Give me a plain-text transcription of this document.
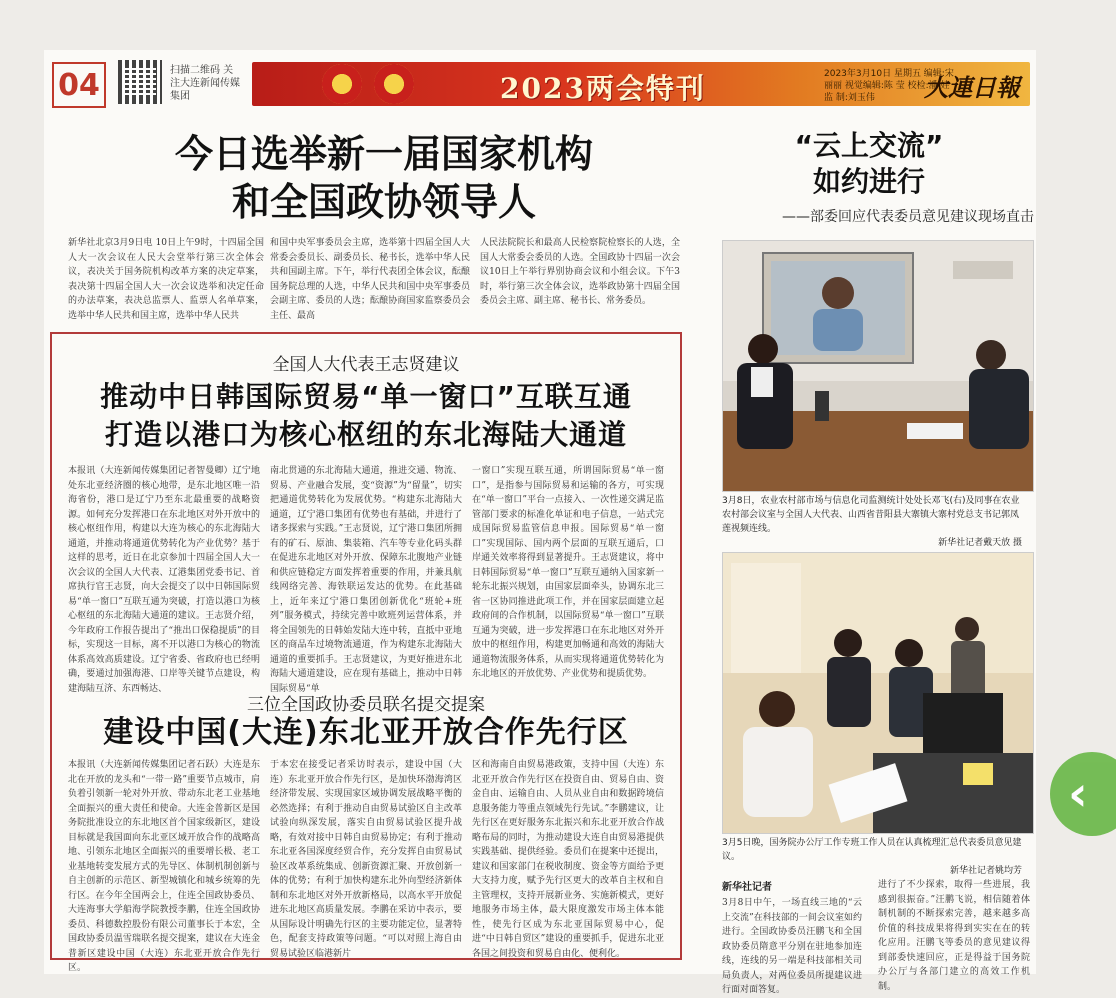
04	扫描二维码 关注大连新闻传媒集团	2023两会特刊	2023年3月10日 星期五 编辑:宋丽丽 视觉编辑:陈 莹 校检:潘 娃 监 制:刘玉伟	大連日報
今日选举新一届国家机构
和全国政协领导人
新华社北京3月9日电 10日上午9时，十四届全国人大一次会议在人民大会堂举行第三次全体会议，表决关于国务院机构改革方案的决定草案，表决第十四届全国人大一次会议选举和决定任命的办法草案，表决总监票人、监票人名单草案，选举中华人民共和国主席，选举中华人民共
和国中央军事委员会主席，选举第十四届全国人大常委会委员长、副委员长、秘书长，选举中华人民共和国副主席。下午，举行代表团全体会议，酝酿国务院总理的人选，中华人民共和国中央军事委员会副主席、委员的人选；酝酿协商国家监察委员会主任、最高
人民法院院长和最高人民检察院检察长的人选，全国人大常委会委员的人选。全国政协十四届一次会议10日上午举行界别协商会议和小组会议。下午3时，举行第三次全体会议，选举政协第十四届全国委员会主席、副主席、秘书长、常务委员。
全国人大代表王志贤建议
推动中日韩国际贸易“单一窗口”互联互通
打造以港口为核心枢纽的东北海陆大通道
本报讯（大连新闻传媒集团记者智曼卿）辽宁地处东北亚经济圈的核心地带，是东北地区唯一沿海省份，港口是辽宁乃至东北最重要的战略资源。如何充分发挥港口在东北地区对外开放中的核心枢纽作用，构建以大连为核心的东北海陆大通道，并推动将通道优势转化为产业优势？基于这样的思考，近日在北京参加十四届全国人大一次会议的全国人大代表、辽港集团党委书记、首席执行官王志贤，向大会提交了以中日韩国际贸易“单一窗口”互联互通为突破，打造以港口为核心枢纽的东北海陆大通道的建议。王志贤介绍，今年政府工作报告提出了“推出口保稳提质”的目标，实现这一目标，离不开以港口为核心的物流体系高效高质建设。辽宁省委、省政府也已经明确，要通过加强海港、口岸等关键节点建设，构建海陆互济、东西畅达、
南北贯通的东北海陆大通道，推进交通、物流、贸易、产业融合发展，变“资源”为“留量”，切实把通道优势转化为发展优势。“构建东北海陆大通道，辽宁港口集团有优势也有基础，并进行了诸多探索与实践。”王志贤说，辽宁港口集团所拥有的矿石、原油、集装箱、汽车等专业化码头群在促进东北地区对外开放、保障东北腹地产业链和供应链稳定方面发挥着重要的作用，并兼具航线网络完善、海铁联运发达的优势。在此基础上，近年来辽宁港口集团创新优化“班轮+班列”服务模式，持续完善中欧班列运营体系，并将全国领先的日韩始发陆大连中转，直抵中亚地区的商品车过境物流通道，作为构建东北海陆大通道的重要抓手。王志贤建议，为更好推进东北海陆大通道建设，应在现有基础上，推动中日韩国际贸易“单
一窗口”实现互联互通，所谓国际贸易“单一窗口”，是指参与国际贸易和运输的各方，可实现在“单一窗口”平台一点接入、一次性递交满足监管部门要求的标准化单证和电子信息，一站式完成国际贸易监管信息申报。国际贸易“单一窗口”实现国际、国内两个层面的互联互通后，口岸通关效率将得到显著提升。王志贤建议，将中日韩国际贸易“单一窗口”互联互通纳入国家新一轮东北振兴规划，由国家层面牵头，协调东北三省一区协同推进此项工作，并在国家层面建立起政府间的合作机制，以国际贸易“单一窗口”互联互通为突破，进一步发挥港口在东北地区对外开放中的枢纽作用，构建更加畅通和高效的海陆大通道物流服务体系，从而实现将通道优势转化为东北地区的开放优势、产业优势和提质优势。
三位全国政协委员联名提交提案
建设中国(大连)东北亚开放合作先行区
本报讯（大连新闻传媒集团记者石跃）大连是东北在开放的龙头和“一带一路”重要节点城市，肩负着引领新一轮对外开放、带动东北老工业基地全面振兴的重大责任和使命。大连金普新区是国务院批准设立的东北地区首个国家级新区，建设目标就是我国面向东北亚区域开放合作的战略高地、引领东北地区全面振兴的重要增长极、老工业基地转变发展方式的先导区、体制机制创新与自主创新的示范区、新型城镇化和城乡统筹的先行区。在今年全国两会上，住连全国政协委员、大连海事大学船海学院教授李鹏，住连全国政协委员、科德数控股份有限公司董事长于本宏，全国政协委员温雪瑞联名提交提案，建议在大连金普新区建设中国（大连）东北亚开放合作先行区。
于本宏在接受记者采访时表示，建设中国（大连）东北亚开放合作先行区，是加快环渤海湾区经济带发展、实现国家区域协调发展战略平衡的必然选择；有利于推动自由贸易试验区自主改革试验向纵深发展，落实自由贸易试验区提升战略，有效对接中日韩自由贸易协定；有利于推动东北亚各国深度经贸合作，充分发挥自由贸易试验区改革系统集成、创新资源汇聚、开放创新一体的优势；有利于加快构建东北外向型经济新体制和东北地区对外开放新格局，以高水平开放促进东北地区高质量发展。李鹏在采访中表示，要从国际设计明确先行区的主要功能定位，显著特色，配套支持政策等问题。“可以对照上海自由贸易试验区临港新片
区和海南自由贸易港政策，支持中国（大连）东北亚开放合作先行区在投资自由、贸易自由、资金自由、运输自由、人员从业自由和数据跨境信息服务能力等重点领域先行先试。”李鹏建议，让先行区在更好服务东北振兴和东北亚开放合作战略布局的同时，为推动建设大连自由贸易港提供实践基础、提供经验。委员们在提案中还提出，建议和国家部门在税收制度、资金等方面给予更大支持力度，赋予先行区更大的改革自主权和自主管理权，支持开展新业务、实施新模式，更好地服务市场主体，最大限度激发市场主体本能性，使先行区成为东北亚国际贸易中心，促进“中日韩自贸区”建设的重要抓手，促进东北亚各国之间投资和贸易自由化、便利化。
“云上交流”
如约进行
——部委回应代表委员意见建议现场直击
3月8日，农业农村部市场与信息化司监测统计处处长邓飞(右)及同事在农业农村部会议室与全国人大代表、山西省昔阳县大寨镇大寨村党总支书记郭凤莲视频连线。
新华社记者戴天放 摄
3月5日晚，国务院办公厅工作专班工作人员在认真梳理汇总代表委员意见建议。
新华社记者姚均芳
新华社记者
3月8日中午，一场直线三地的“云上交流”在科技部的一间会议室如约进行。全国政协委员汪鹏飞和全国政协委员隋意平分别在驻地参加连线，连线的另一端是科技部相关司局负责人，对两位委员所提建议进行面对面答复。
进行了不少探索，取得一些进展，我感到很振奋。”汪鹏飞说，相信随着体制机制的不断探索完善，越来越多高价值的科技成果将得到实实在在的转化应用。汪鹏飞等委员的意见建议得到部委快速回应，正是得益于国务院办公厅与各部门建立的高效工作机制。
‹
